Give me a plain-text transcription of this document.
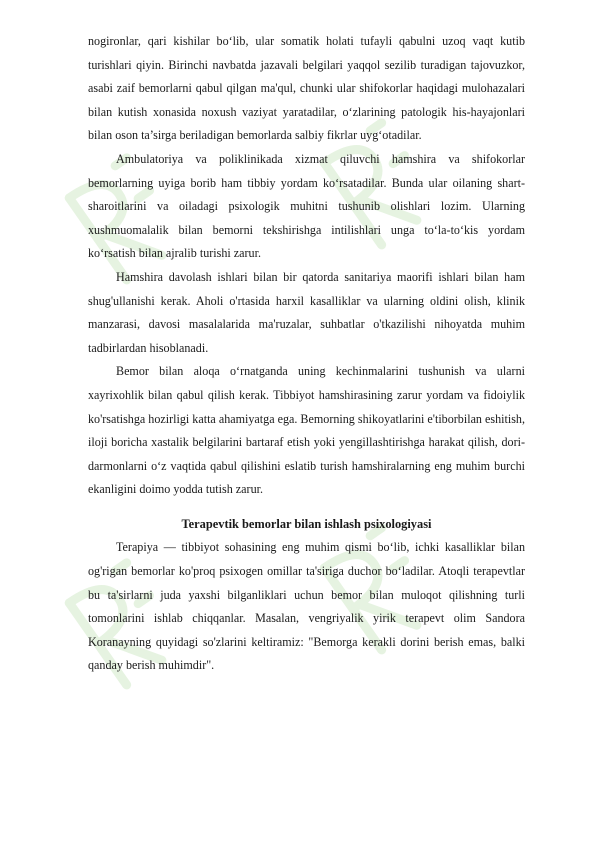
nogironlar, qari kishilar bo‘lib, ular somatik holati tufayli qabulni uzoq vaqt kutib turishlari qiyin. Birinchi navbatda jazavali belgilari yaqqol sezilib turadigan tajovuzkor, asabi zaif bemorlarni qabul qilgan ma'qul, chunki ular shifokorlar haqidagi mulohazalari bilan kutish xonasida noxush vaziyat yaratadilar, o‘zlarining patologik his-hayajonlari bilan oson ta’sirga beriladigan bemorlarda salbiy fikrlar uyg‘otadilar.

Ambulatoriya va poliklinikada xizmat qiluvchi hamshira va shifokorlar bemorlarning uyiga borib ham tibbiy yordam ko‘rsatadilar. Bunda ular oilaning shart-sharoitlarini va oiladagi psixologik muhitni tushunib olishlari lozim. Ularning xushmuomalalik bilan bemorni tekshirishga intilishlari unga to‘la-to‘kis yordam ko‘rsatish bilan ajralib turishi zarur.

Hamshira davolash ishlari bilan bir qatorda sanitariya maorifi ishlari bilan ham shug'ullanishi kerak. Aholi o'rtasida harxil kasalliklar va ularning oldini olish, klinik manzarasi, davosi masalalarida ma'ruzalar, suhbatlar o'tkazilishi nihoyatda muhim tadbirlardan hisoblanadi.

Bemor bilan aloqa o‘rnatganda uning kechinmalarini tushunish va ularni xayrixohlik bilan qabul qilish kerak. Tibbiyot hamshirasining zarur yordam va fidoiylik ko'rsatishga hozirligi katta ahamiyatga ega. Bemorning shikoyatlarini e'tiborbilan eshitish, iloji boricha xastalik belgilarini bartaraf etish yoki yengillashtirishga harakat qilish, dori-darmonlarni o‘z vaqtida qabul qilishini eslatib turish hamshiralarning eng muhim burchi ekanligini doimo yodda tutish zarur.

Terapevtik bemorlar bilan ishlash psixologiyasi

Terapiya — tibbiyot sohasining eng muhim qismi bo‘lib, ichki kasalliklar bilan og'rigan bemorlar ko'proq psixogen omillar ta'siriga duchor bo‘ladilar. Atoqli terapevtlar bu ta'sirlarni juda yaxshi bilganliklari uchun bemor bilan muloqot qilishning turli tomonlarini ishlab chiqqanlar. Masalan, vengriyalik yirik terapevt olim Sandora Koranayning quyidagi so'zlarini keltiramiz: "Bemorga kerakli dorini berish emas, balki qanday berish muhimdir".
